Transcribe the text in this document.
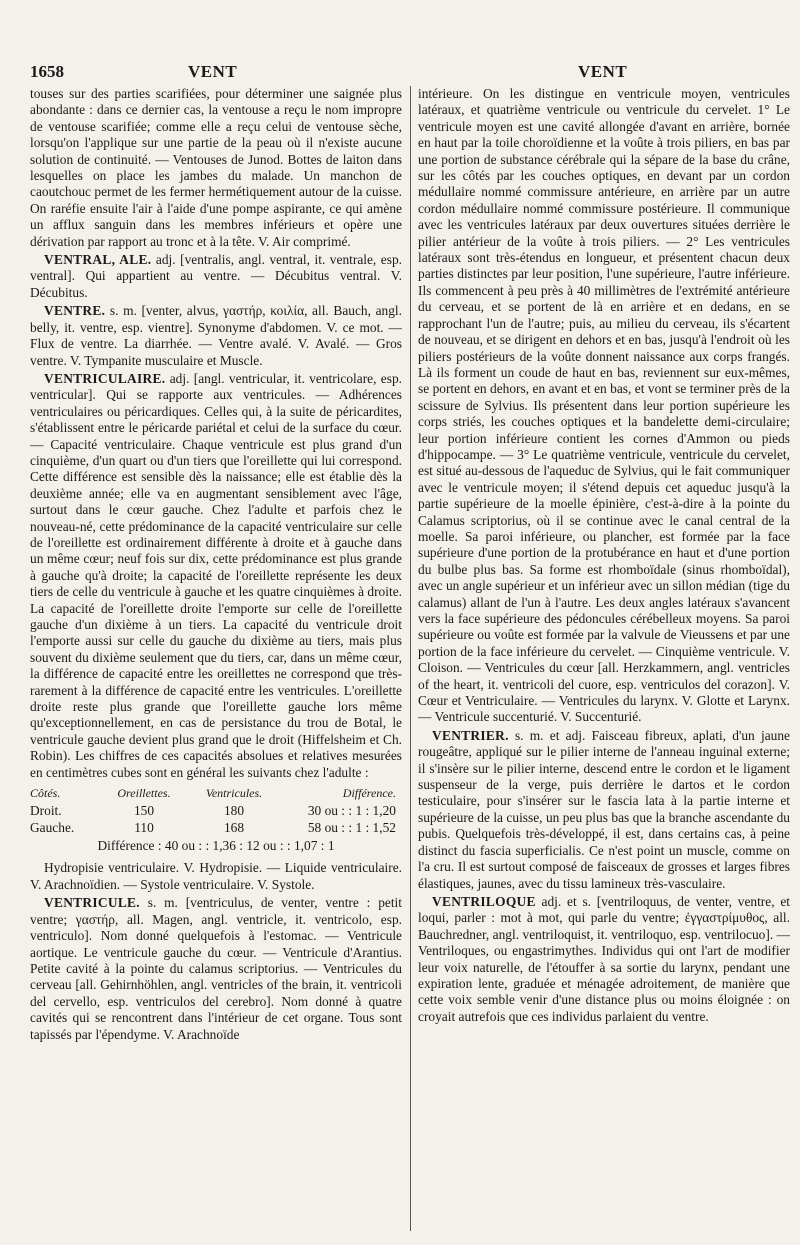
1658	VENT	VENT

touses sur des parties scarifiées, pour déterminer une saignée plus abondante : dans ce dernier cas, la ventouse a reçu le nom impropre de ventouse scarifiée; comme elle a reçu celui de ventouse sèche, lorsqu'on l'applique sur une partie de la peau où il n'existe aucune solution de continuité. — Ventouses de Junod. Bottes de laiton dans lesquelles on place les jambes du malade. Un manchon de caoutchouc permet de les fermer hermétiquement autour de la cuisse. On raréfie ensuite l'air à l'aide d'une pompe aspirante, ce qui amène un afflux sanguin dans les membres inférieurs et opère une dérivation par rapport au tronc et à la tête. V. Air comprimé.

VENTRAL, ALE. adj. [ventralis, angl. ventral, it. ventrale, esp. ventral]. Qui appartient au ventre. — Décubitus ventral. V. Décubitus.

VENTRE. s. m. [venter, alvus, γαστήρ, κοιλία, all. Bauch, angl. belly, it. ventre, esp. vientre]. Synonyme d'abdomen. V. ce mot. — Flux de ventre. La diarrhée. — Ventre avalé. V. Avalé. — Gros ventre. V. Tympanite musculaire et Muscle.

VENTRICULAIRE. adj. [angl. ventricular, it. ventricolare, esp. ventricular]. Qui se rapporte aux ventricules. — Adhérences ventriculaires ou péricardiques. Celles qui, à la suite de péricardites, s'établissent entre le péricarde pariétal et celui de la surface du cœur. — Capacité ventriculaire. Chaque ventricule est plus grand d'un cinquième, d'un quart ou d'un tiers que l'oreillette qui lui correspond. Cette différence est sensible dès la naissance; elle est établie dès la deuxième année; elle va en augmentant sensiblement avec l'âge, surtout dans le cœur gauche. Chez l'adulte et parfois chez le nouveau-né, cette prédominance de la capacité ventriculaire sur celle de l'oreillette est ordinairement différente à droite et à gauche dans un même cœur; neuf fois sur dix, cette prédominance est plus grande à gauche qu'à droite; la capacité de l'oreillette représente les deux tiers de celle du ventricule à gauche et les quatre cinquièmes à droite. La capacité de l'oreillette droite l'emporte sur celle de l'oreillette gauche d'un dixième à un tiers. La capacité du ventricule droit l'emporte aussi sur celle du gauche du dixième au tiers, mais plus souvent du dixième seulement que du tiers, car, dans un même cœur, la différence de capacité entre les oreillettes ne correspond que très-rarement à la différence de capacité entre les ventricules. L'oreillette droite reste plus grande que l'oreillette gauche lors même qu'exceptionnellement, en cas de persistance du trou de Botal, le ventricule gauche devient plus grand que le droit (Hiffelsheim et Ch. Robin). Les chiffres de ces capacités absolues et relatives mesurées en centimètres cubes sont en général les suivants chez l'adulte :

Côtés.	Oreillettes.	Ventricules.	Différence.
Droit.	150	180	30 ou : : 1 : 1,20
Gauche.	110	168	58 ou : : 1 : 1,52
Différence : 40 ou : : 1,36 : 12 ou : : 1,07 : 1

Hydropisie ventriculaire. V. Hydropisie. — Liquide ventriculaire. V. Arachnoïdien. — Systole ventriculaire. V. Systole.

VENTRICULE. s. m. [ventriculus, de venter, ventre : petit ventre; γαστήρ, all. Magen, angl. ventricle, it. ventricolo, esp. ventriculo]. Nom donné quelquefois à l'estomac. — Ventricule aortique. Le ventricule gauche du cœur. — Ventricule d'Arantius. Petite cavité à la pointe du calamus scriptorius. — Ventricules du cerveau [all. Gehirnhöhlen, angl. ventricles of the brain, it. ventricoli del cervello, esp. ventriculos del cerebro]. Nom donné à quatre cavités qui se rencontrent dans l'intérieur de cet organe. Tous sont tapissés par l'épendyme. V. Arachnoïde

intérieure. On les distingue en ventricule moyen, ventricules latéraux, et quatrième ventricule ou ventricule du cervelet. 1° Le ventricule moyen est une cavité allongée d'avant en arrière, bornée en haut par la toile choroïdienne et la voûte à trois piliers, en bas par une portion de substance cérébrale qui la sépare de la base du crâne, sur les côtés par les couches optiques, en devant par un cordon médullaire nommé commissure antérieure, en arrière par un autre cordon médullaire nommé commissure postérieure. Il communique avec les ventricules latéraux par deux ouvertures situées derrière le pilier antérieur de la voûte à trois piliers. — 2° Les ventricules latéraux sont très-étendus en longueur, et présentent chacun deux parties distinctes par leur position, l'une supérieure, l'autre inférieure. Ils commencent à peu près à 40 millimètres de l'extrémité antérieure du cerveau, et se portent de là en arrière et en dedans, en se rapprochant l'un de l'autre; puis, au milieu du cerveau, ils s'écartent de nouveau, et se dirigent en dehors et en bas, jusqu'à l'endroit où les piliers postérieurs de la voûte donnent naissance aux corps frangés. Là ils forment un coude de haut en bas, reviennent sur eux-mêmes, se portent en dehors, en avant et en bas, et vont se terminer près de la scissure de Sylvius. Ils présentent dans leur portion supérieure les corps striés, les couches optiques et la bandelette demi-circulaire; leur portion inférieure contient les cornes d'Ammon ou pieds d'hippocampe. — 3° Le quatrième ventricule, ventricule du cervelet, est situé au-dessous de l'aqueduc de Sylvius, qui le fait communiquer avec le ventricule moyen; il s'étend depuis cet aqueduc jusqu'à la partie supérieure de la moelle épinière, c'est-à-dire à la pointe du Calamus scriptorius, où il se continue avec le canal central de la moelle. Sa paroi inférieure, ou plancher, est formée par la face supérieure d'une portion de la protubérance en haut et d'une portion du bulbe plus bas. Sa forme est rhomboïdale (sinus rhomboïdal), avec un angle supérieur et un inférieur avec un sillon médian (tige du calamus) allant de l'un à l'autre. Les deux angles latéraux s'avancent vers la face supérieure des pédoncules cérébelleux moyens. Sa paroi supérieure ou voûte est formée par la valvule de Vieussens et par une portion de la face inférieure du cervelet. — Cinquième ventricule. V. Cloison. — Ventricules du cœur [all. Herzkammern, angl. ventricles of the heart, it. ventricoli del cuore, esp. ventriculos del corazon]. V. Cœur et Ventriculaire. — Ventricules du larynx. V. Glotte et Larynx. — Ventricule succenturié. V. Succenturié.

VENTRIER. s. m. et adj. Faisceau fibreux, aplati, d'un jaune rougeâtre, appliqué sur le pilier interne de l'anneau inguinal externe; il s'insère sur le pilier interne, descend entre le cordon et le ligament suspenseur de la verge, puis derrière le dartos et le cordon testiculaire, pour s'insérer sur le fascia lata à la partie interne et supérieure de la cuisse, un peu plus bas que la branche ascendante du pubis. Quelquefois très-développé, il est, dans certains cas, à peine distinct du fascia superficialis. Ce n'est point un muscle, comme on l'a cru. Il est surtout composé de faisceaux de grosses et larges fibres élastiques, jaunes, avec du tissu lamineux très-vasculaire.

VENTRILOQUE adj. et s. [ventriloquus, de venter, ventre, et loqui, parler : mot à mot, qui parle du ventre; ἐγγαστρίμυθος, all. Bauchredner, angl. ventriloquist, it. ventriloquo, esp. ventrilocuo]. — Ventriloques, ou engastrimythes. Individus qui ont l'art de modifier leur voix naturelle, de l'étouffer à sa sortie du larynx, pendant une expiration lente, graduée et ménagée adroitement, de manière que cette voix semble venir d'une distance plus ou moins éloignée : on croyait autrefois que ces individus parlaient du ventre.
